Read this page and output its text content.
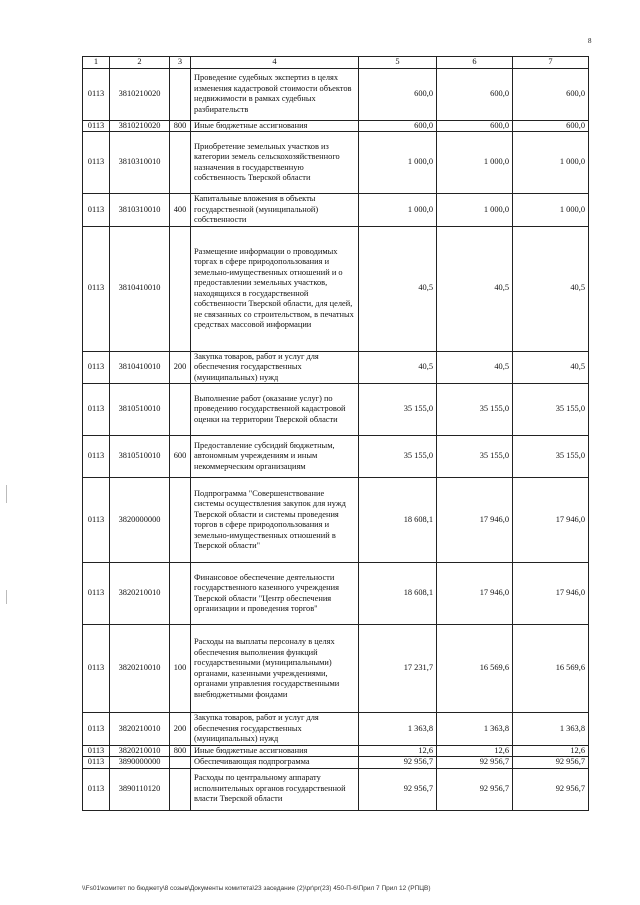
8
1	2	3	4	5	6	7
0113	3810210020		Проведение судебных экспертиз в целях изменения кадастровой стоимости объектов недвижимости в рамках судебных разбирательств	600,0	600,0	600,0
0113	3810210020	800	Иные бюджетные ассигнования	600,0	600,0	600,0
0113	3810310010		Приобретение земельных участков из категории земель сельскохозяйственного назначения в государственную собственность Тверской области	1 000,0	1 000,0	1 000,0
0113	3810310010	400	Капитальные вложения в объекты государственной (муниципальной) собственности	1 000,0	1 000,0	1 000,0
0113	3810410010		Размещение информации о проводимых торгах в сфере природопользования и земельно-имущественных отношений и о предоставлении земельных участков, находящихся в государственной собственности Тверской области, для целей, не связанных со строительством, в печатных средствах массовой информации	40,5	40,5	40,5
0113	3810410010	200	Закупка товаров, работ и услуг для обеспечения государственных (муниципальных) нужд	40,5	40,5	40,5
0113	3810510010		Выполнение работ (оказание услуг) по проведению государственной кадастровой оценки на территории Тверской области	35 155,0	35 155,0	35 155,0
0113	3810510010	600	Предоставление субсидий бюджетным, автономным учреждениям и иным некоммерческим организациям	35 155,0	35 155,0	35 155,0
0113	3820000000		Подпрограмма "Совершенствование системы осуществления закупок для нужд Тверской области и системы проведения торгов в сфере природопользования и земельно-имущественных отношений в Тверской области"	18 608,1	17 946,0	17 946,0
0113	3820210010		Финансовое обеспечение деятельности государственного казенного учреждения Тверской области "Центр обеспечения организации и проведения торгов"	18 608,1	17 946,0	17 946,0
0113	3820210010	100	Расходы на выплаты персоналу в целях обеспечения выполнения функций государственными (муниципальными) органами, казенными учреждениями, органами управления государственными внебюджетными фондами	17 231,7	16 569,6	16 569,6
0113	3820210010	200	Закупка товаров, работ и услуг для обеспечения государственных (муниципальных) нужд	1 363,8	1 363,8	1 363,8
0113	3820210010	800	Иные бюджетные ассигнования	12,6	12,6	12,6
0113	3890000000		Обеспечивающая подпрограмма	92 956,7	92 956,7	92 956,7
0113	3890110120		Расходы по центральному аппарату исполнительных органов государственной власти Тверской области	92 956,7	92 956,7	92 956,7
\\Fs01\комитет по бюджету\8 созыв\Документы комитета\23 заседание (2)\pr\pr(23) 450-П-6\Прил 7 Прил 12 (РПЦВ)
